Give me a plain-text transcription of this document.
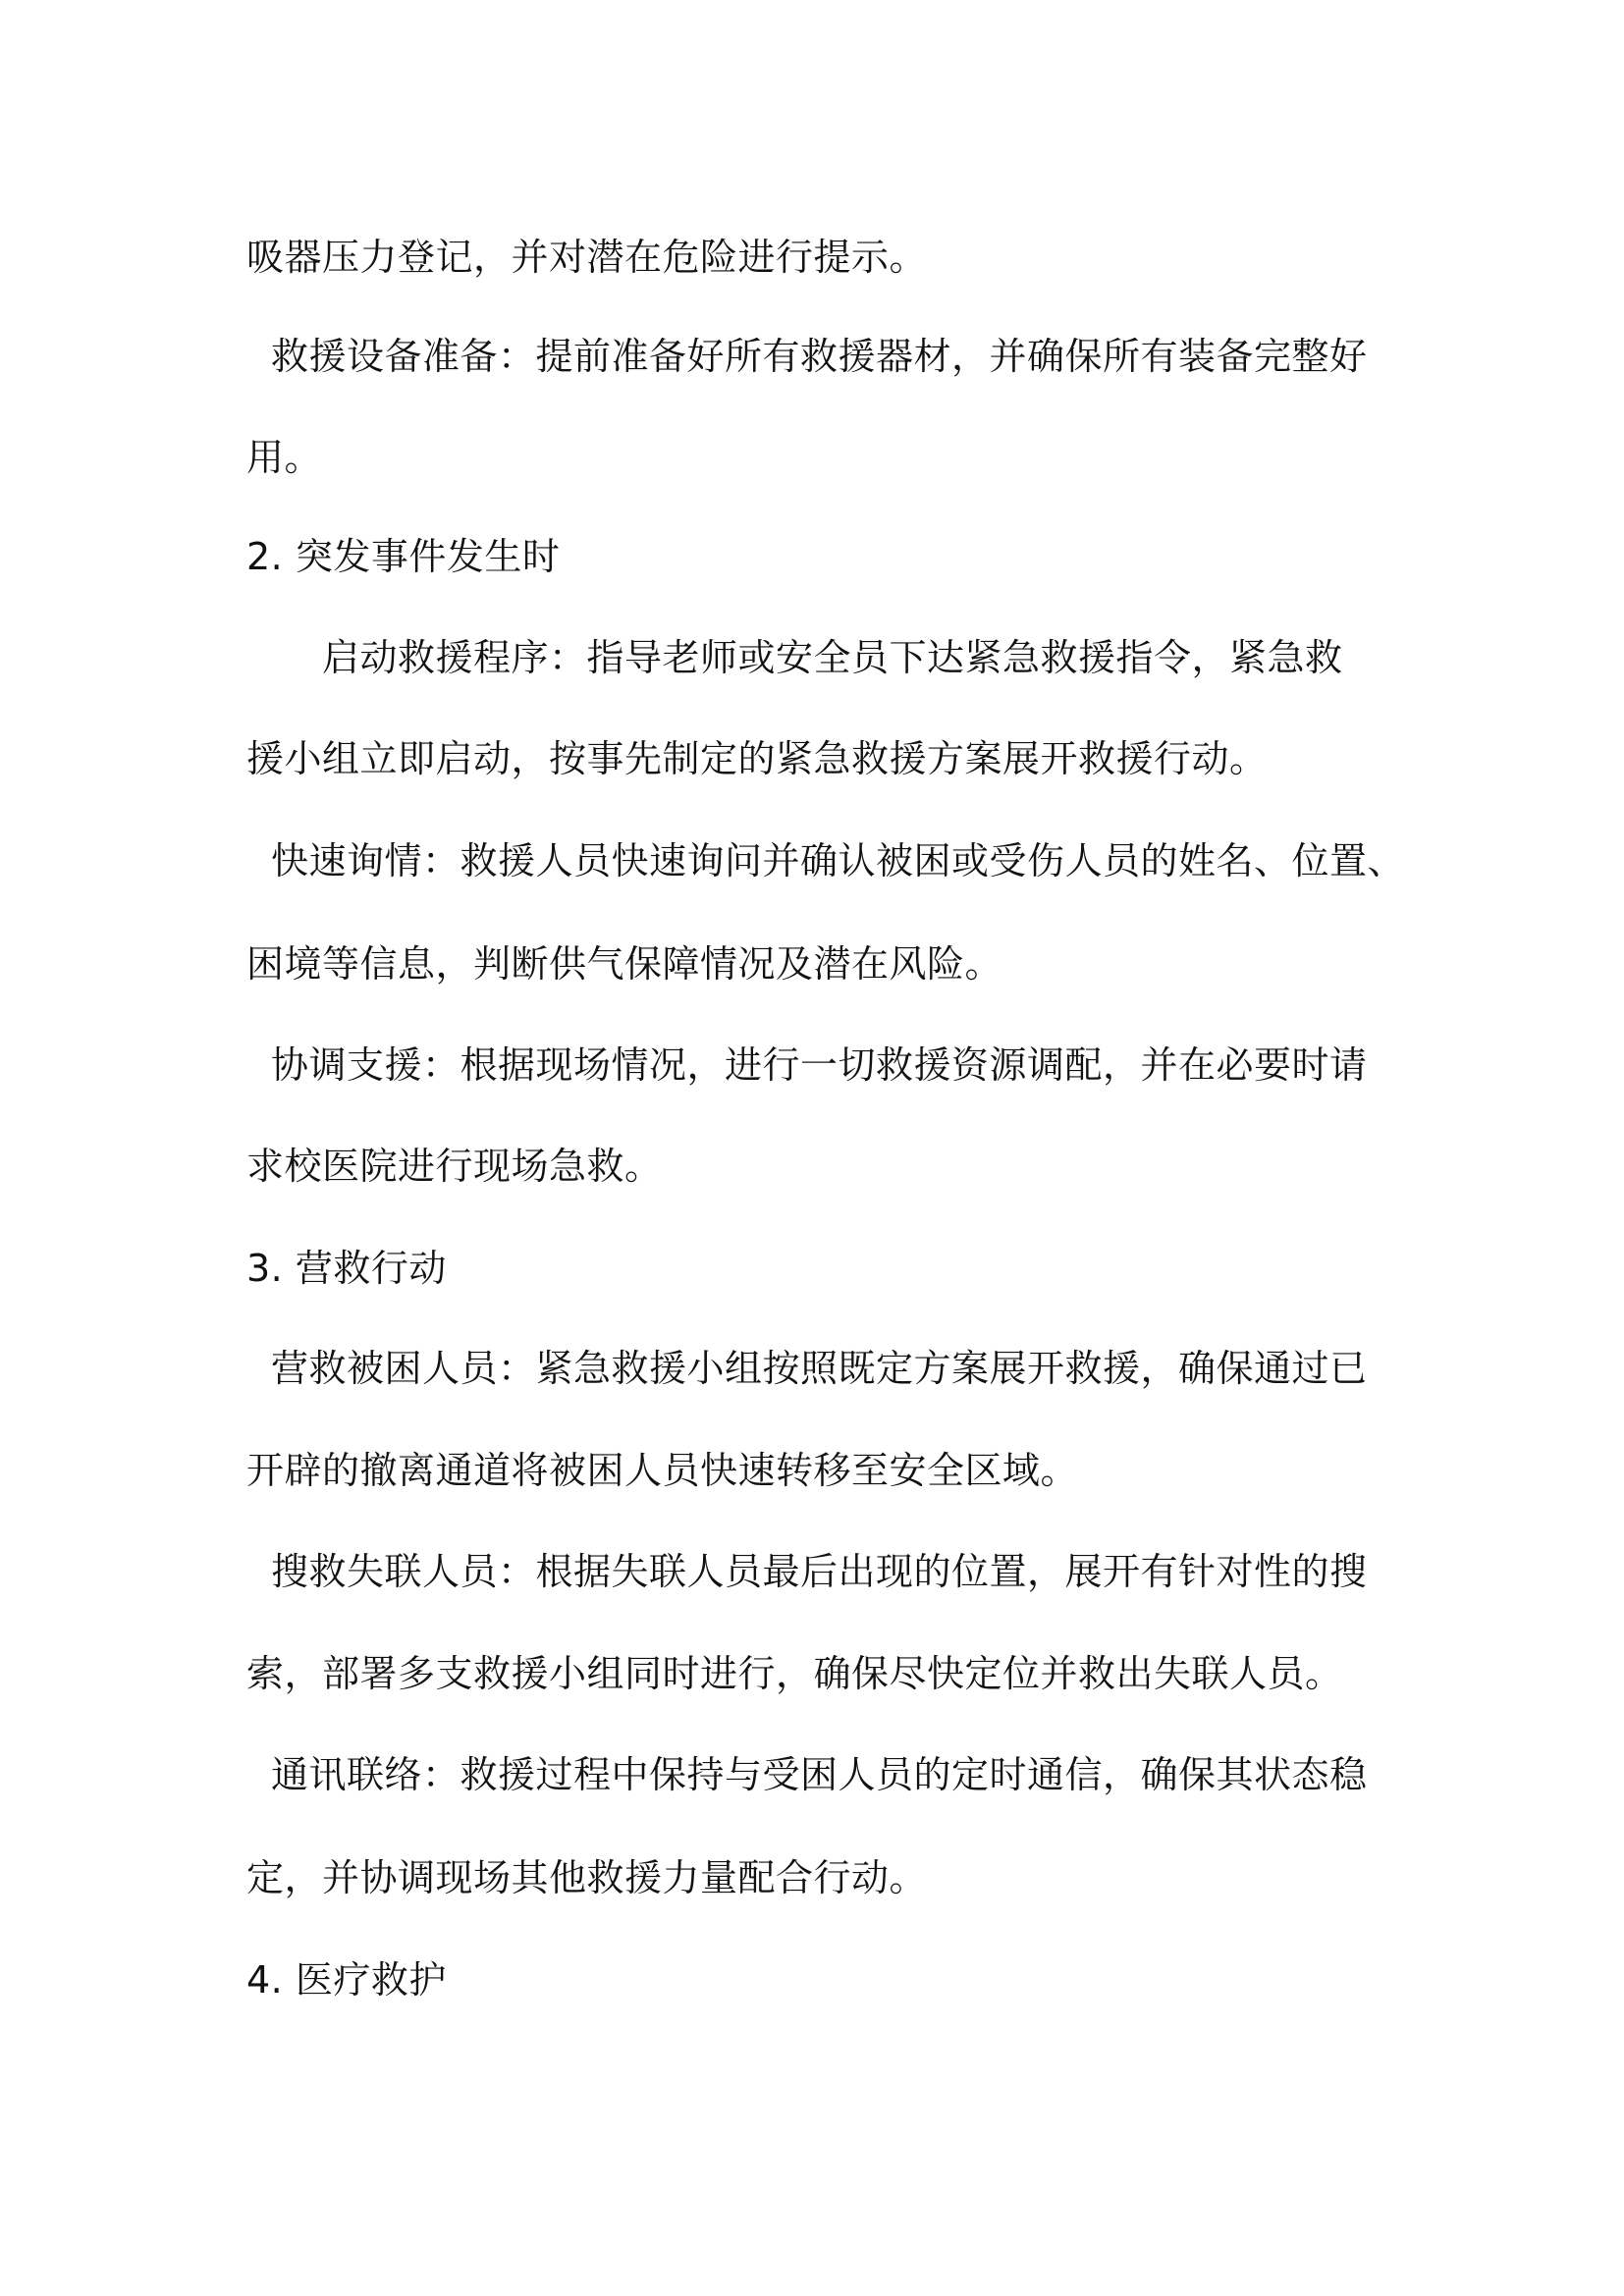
吸器压力登记，并对潜在危险进行提示。
救援设备准备：提前准备好所有救援器材，并确保所有装备完整好
用。
2. 突发事件发生时
启动救援程序：指导老师或安全员下达紧急救援指令，紧急救
援小组立即启动，按事先制定的紧急救援方案展开救援行动。
快速询情：救援人员快速询问并确认被困或受伤人员的姓名、位置、
困境等信息，判断供气保障情况及潜在风险。
协调支援：根据现场情况，进行一切救援资源调配，并在必要时请
求校医院进行现场急救。
3. 营救行动
营救被困人员：紧急救援小组按照既定方案展开救援，确保通过已
开辟的撤离通道将被困人员快速转移至安全区域。
搜救失联人员：根据失联人员最后出现的位置，展开有针对性的搜
索，部署多支救援小组同时进行，确保尽快定位并救出失联人员。
通讯联络：救援过程中保持与受困人员的定时通信，确保其状态稳
定，并协调现场其他救援力量配合行动。
4. 医疗救护
